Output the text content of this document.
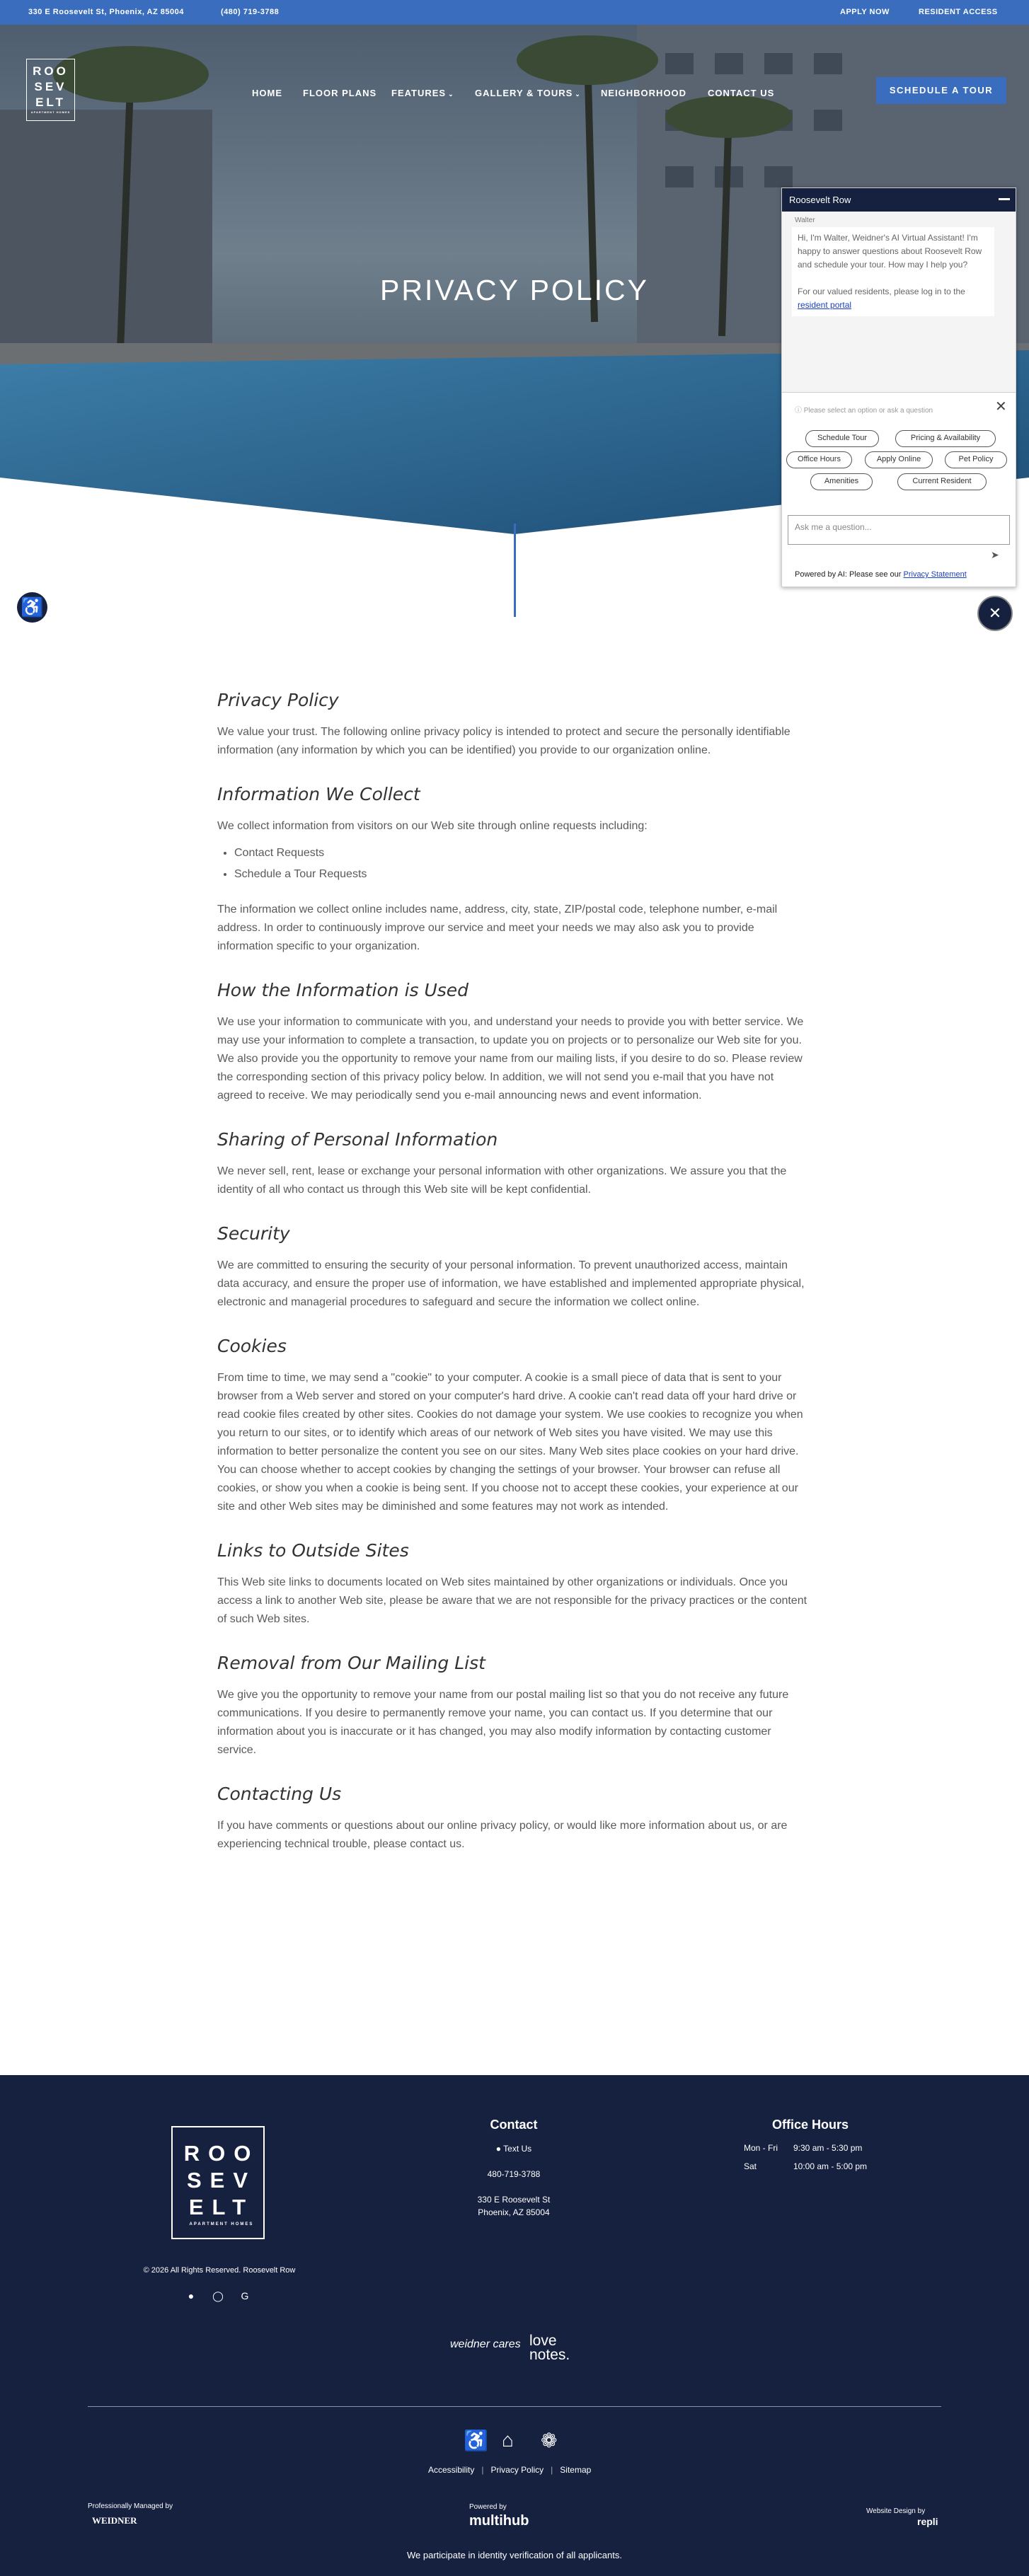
330 E Roosevelt St, Phoenix, AZ 85004	(480) 719-3788	APPLY NOW	RESIDENT ACCESS
ROO
SEV
ELT
APARTMENT HOMES
HOME FLOOR PLANS FEATURES ⌄ GALLERY & TOURS ⌄ NEIGHBORHOOD CONTACT US	SCHEDULE A TOUR
PRIVACY POLICY
♿
Roosevelt Row
Walter

Hi, I'm Walter, Weidner's AI Virtual Assistant! I'm happy to answer questions about Roosevelt Row and schedule your tour. How may I help you?

For our valued residents, please log in to the
resident portal
ⓘ Please select an option or ask a question	✕
Schedule Tour	Pricing & Availability
Office Hours	Apply Online	Pet Policy
Amenities	Current Resident
Ask me a question...
➤
Powered by AI: Please see our Privacy Statement
✕
Privacy Policy

We value your trust. The following online privacy policy is intended to protect and secure the personally identifiable information (any information by which you can be identified) you provide to our organization online.

Information We Collect

We collect information from visitors on our Web site through online requests including:

• Contact Requests
• Schedule a Tour Requests

The information we collect online includes name, address, city, state, ZIP/postal code, telephone number, e-mail address. In order to continuously improve our service and meet your needs we may also ask you to provide information specific to your organization.

How the Information is Used

We use your information to communicate with you, and understand your needs to provide you with better service. We may use your information to complete a transaction, to update you on projects or to personalize our Web site for you. We also provide you the opportunity to remove your name from our mailing lists, if you desire to do so. Please review the corresponding section of this privacy policy below. In addition, we will not send you e-mail that you have not agreed to receive. We may periodically send you e-mail announcing news and event information.

Sharing of Personal Information

We never sell, rent, lease or exchange your personal information with other organizations. We assure you that the identity of all who contact us through this Web site will be kept confidential.

Security

We are committed to ensuring the security of your personal information. To prevent unauthorized access, maintain data accuracy, and ensure the proper use of information, we have established and implemented appropriate physical, electronic and managerial procedures to safeguard and secure the information we collect online.

Cookies

From time to time, we may send a "cookie" to your computer. A cookie is a small piece of data that is sent to your browser from a Web server and stored on your computer's hard drive. A cookie can't read data off your hard drive or read cookie files created by other sites. Cookies do not damage your system. We use cookies to recognize you when you return to our sites, or to identify which areas of our network of Web sites you have visited. We may use this information to better personalize the content you see on our sites. Many Web sites place cookies on your hard drive. You can choose whether to accept cookies by changing the settings of your browser. Your browser can refuse all cookies, or show you when a cookie is being sent. If you choose not to accept these cookies, your experience at our site and other Web sites may be diminished and some features may not work as intended.

Links to Outside Sites

This Web site links to documents located on Web sites maintained by other organizations or individuals. Once you access a link to another Web site, please be aware that we are not responsible for the privacy practices or the content of such Web sites.

Removal from Our Mailing List

We give you the opportunity to remove your name from our postal mailing list so that you do not receive any future communications. If you desire to permanently remove your name, you can contact us. If you determine that our information about you is inaccurate or it has changed, you may also modify information by contacting customer service.

Contacting Us

If you have comments or questions about our online privacy policy, or would like more information about us, or are experiencing technical trouble, please contact us.

ROO
SEV
ELT
APARTMENT HOMES
© 2026 All Rights Reserved. Roosevelt Row
●	◯	G
Contact
● Text Us
480-719-3788
330 E Roosevelt St
Phoenix, AZ 85004
Office Hours
Mon - Fri 9:30 am - 5:30 pm
Sat	10:00 am - 5:00 pm
weidner cares love
notes.
♿ ⌂ ❁
Accessibility | Privacy Policy | Sitemap
Professionally Managed by
WEIDNER
Powered by
multihub
Website Design by
repli
We participate in identity verification of all applicants.
